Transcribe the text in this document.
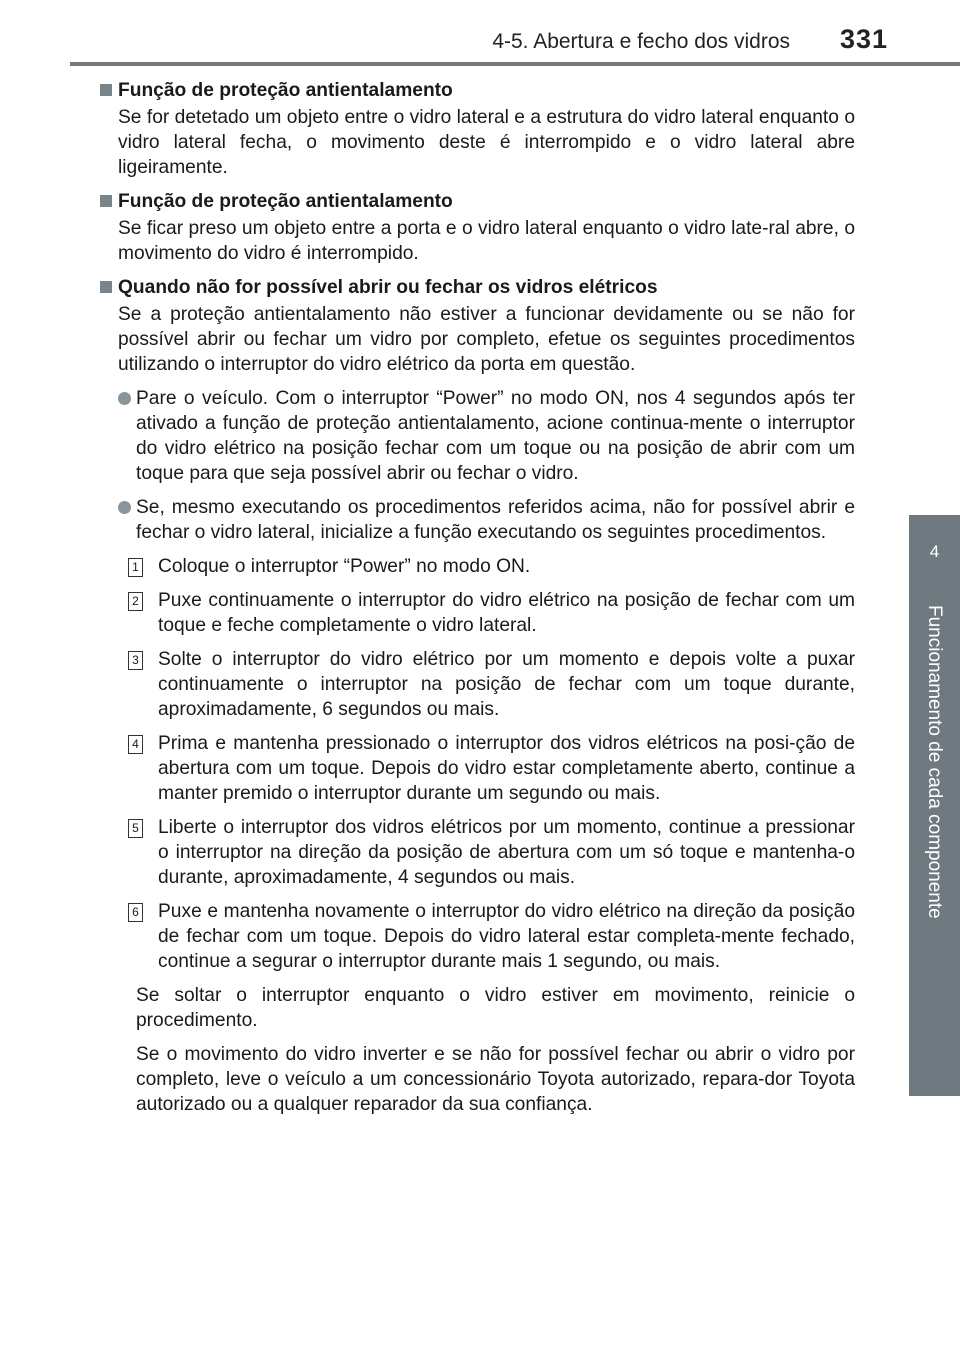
4-5. Abertura e fecho dos vidros 331
4
Funcionamento de cada componente
Função de proteção antientalamento

Se for detetado um objeto entre o vidro lateral e a estrutura do vidro lateral enquanto o vidro lateral fecha, o movimento deste é interrompido e o vidro lateral abre ligeiramente.

Função de proteção antientalamento

Se ficar preso um objeto entre a porta e o vidro lateral enquanto o vidro late-ral abre, o movimento do vidro é interrompido.

Quando não for possível abrir ou fechar os vidros elétricos

Se a proteção antientalamento não estiver a funcionar devidamente ou se não for possível abrir ou fechar um vidro por completo, efetue os seguintes procedimentos utilizando o interruptor do vidro elétrico da porta em questão.

Pare o veículo. Com o interruptor “Power” no modo ON, nos 4 segundos após ter ativado a função de proteção antientalamento, acione continua-mente o interruptor do vidro elétrico na posição fechar com um toque ou na posição de abrir com um toque para que seja possível abrir ou fechar o vidro.
Se, mesmo executando os procedimentos referidos acima, não for possível abrir e fechar o vidro lateral, inicialize a função executando os seguintes procedimentos.
1 Coloque o interruptor “Power” no modo ON.
2 Puxe continuamente o interruptor do vidro elétrico na posição de fechar com um toque e feche completamente o vidro lateral.
3 Solte o interruptor do vidro elétrico por um momento e depois volte a puxar continuamente o interruptor na posição de fechar com um toque durante, aproximadamente, 6 segundos ou mais.
4 Prima e mantenha pressionado o interruptor dos vidros elétricos na posi-ção de abertura com um toque. Depois do vidro estar completamente aberto, continue a manter premido o interruptor durante um segundo ou mais.
5 Liberte o interruptor dos vidros elétricos por um momento, continue a pressionar o interruptor na direção da posição de abertura com um só toque e mantenha-o durante, aproximadamente, 4 segundos ou mais.
6 Puxe e mantenha novamente o interruptor do vidro elétrico na direção da posição de fechar com um toque. Depois do vidro lateral estar completa-mente fechado, continue a segurar o interruptor durante mais 1 segundo, ou mais.

Se soltar o interruptor enquanto o vidro estiver em movimento, reinicie o procedimento.

Se o movimento do vidro inverter e se não for possível fechar ou abrir o vidro por completo, leve o veículo a um concessionário Toyota autorizado, repara-dor Toyota autorizado ou a qualquer reparador da sua confiança.
